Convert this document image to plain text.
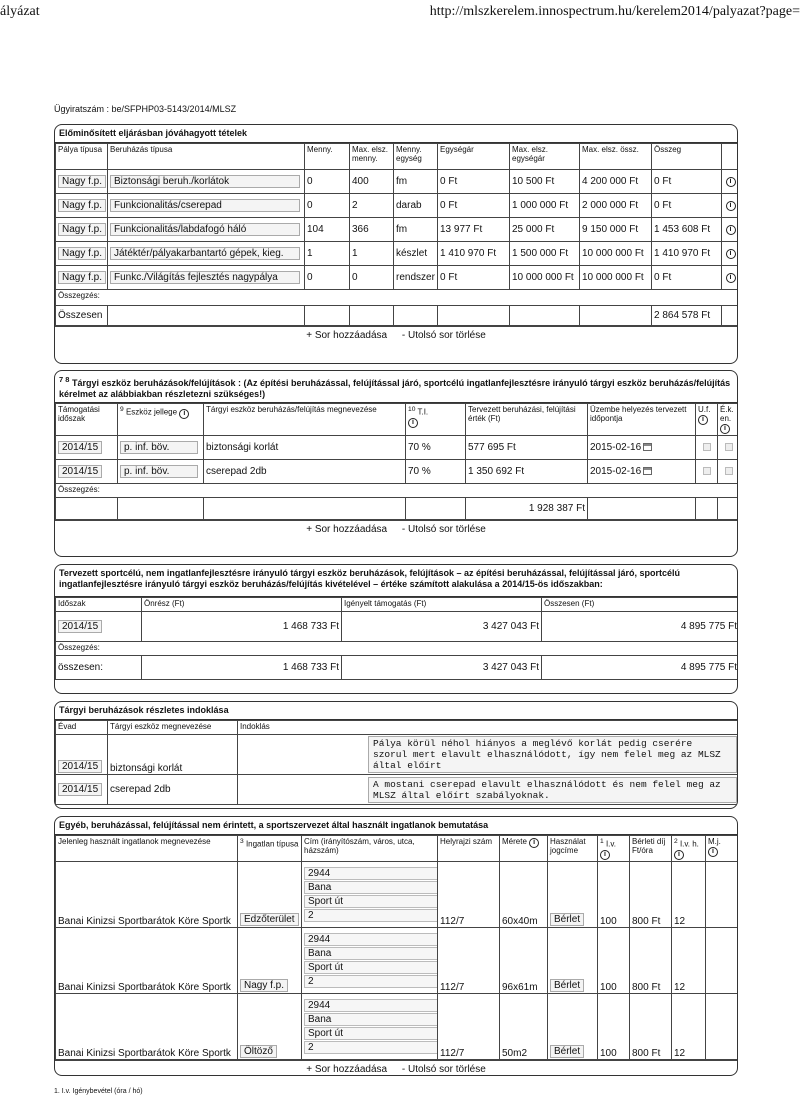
ályázat	http://mlszkerelem.innospectrum.hu/kerelem2014/palyazat?page=
Ügyiratszám : be/SFPHP03-5143/2014/MLSZ
Előminősített eljárásban jóváhagyott tételek
Pálya típusa	Beruházás típusa	Menny.	Max. elsz. menny.	Menny. egység	Egységár	Max. elsz. egységár	Max. elsz. össz.	Összeg	
Nagy f.p.	Biztonsági beruh./korlátok	0	400	fm	0 Ft	10 500 Ft	4 200 000 Ft	0 Ft	i
Nagy f.p.	Funkcionalitás/cserepad	0	2	darab	0 Ft	1 000 000 Ft	2 000 000 Ft	0 Ft	i
Nagy f.p.	Funkcionalitás/labdafogó háló	104	366	fm	13 977 Ft	25 000 Ft	9 150 000 Ft	1 453 608 Ft	i
Nagy f.p.	Játéktér/pályakarbantartó gépek, kieg.	1	1	készlet	1 410 970 Ft	1 500 000 Ft	10 000 000 Ft	1 410 970 Ft	i
Nagy f.p.	Funkc./Világítás fejlesztés nagypálya	0	0	rendszer	0 Ft	10 000 000 Ft	10 000 000 Ft	0 Ft	i
Összegzés:									
Összesen								2 864 578 Ft	
+ Sor hozzáadása - Utolsó sor törlése
$^{7 8}$ Tárgyi eszköz beruházások/felújítások : (Az építési beruházással, felújítással járó, sportcélú ingatlanfejlesztésre irányuló tárgyi eszköz beruházás/felújítás kérelmet az alábbiakban részletezni szükséges!)
Támogatási időszak	$^9$ Eszköz jellege i	Tárgyi eszköz beruházás/felújítás megnevezése	$^{10}$ T.I.
i	Tervezett beruházási, felújítási érték (Ft)	Üzembe helyezés tervezett időpontja	U.f.
i	É.k. en.
i
2014/15	p. inf. böv.	biztonsági korlát	70 %	577 695 Ft	2015-02-16		
2014/15	p. inf. böv.	cserepad 2db	70 %	1 350 692 Ft	2015-02-16		
Összegzés:							
				1 928 387 Ft			
+ Sor hozzáadása - Utolsó sor törlése
Tervezett sportcélú, nem ingatlanfejlesztésre irányuló tárgyi eszköz beruházások, felújítások – az építési beruházással, felújítással járó, sportcélú ingatlanfejlesztésre irányuló tárgyi eszköz beruházás/felújítás kivételével – értéke számított alakulása a 2014/15-ös időszakban:
Időszak	Önrész (Ft)	Igényelt támogatás (Ft)	Összesen (Ft)
2014/15	1 468 733 Ft	3 427 043 Ft	4 895 775 Ft
Összegzés:			
összesen:	1 468 733 Ft	3 427 043 Ft	4 895 775 Ft
Tárgyi beruházások részletes indoklása
Évad	Tárgyi eszköz megnevezése	Indoklás
2014/15	biztonsági korlát	Pálya körül néhol hiányos a meglévő korlát pedig cserére szorul mert elavult elhasználódott, így nem felel meg az MLSZ által előírt

2014/15	cserepad 2db	A mostani cserepad elavult elhasználódott és nem felel meg az MLSZ által előírt szabályoknak.
Egyéb, beruházással, felújítással nem érintett, a sportszervezet által használt ingatlanok bemutatása
Jelenleg használt ingatlanok megnevezése	$^3$ Ingatlan típusa	Cím (irányítószám, város, utca, házszám)	Helyrajzi szám	Mérete i	Használat jogcíme	$^1$ I.v.
i	Bérleti díj Ft/óra	$^2$ I.v. h.
i	M.j.
i
Banai Kinizsi Sportbarátok Köre Sportk	Edzőterület	2944
Bana
Sport út
2	112/7	60x40m	Bérlet	100	800 Ft	12	
Banai Kinizsi Sportbarátok Köre Sportk	Nagy f.p.	2944
Bana
Sport út
2	112/7	96x61m	Bérlet	100	800 Ft	12	
Banai Kinizsi Sportbarátok Köre Sportk	Öltöző	2944
Bana
Sport út
2	112/7	50m2	Bérlet	100	800 Ft	12	
+ Sor hozzáadása - Utolsó sor törlése
1. I.v. Igénybevétel (óra / hó)
